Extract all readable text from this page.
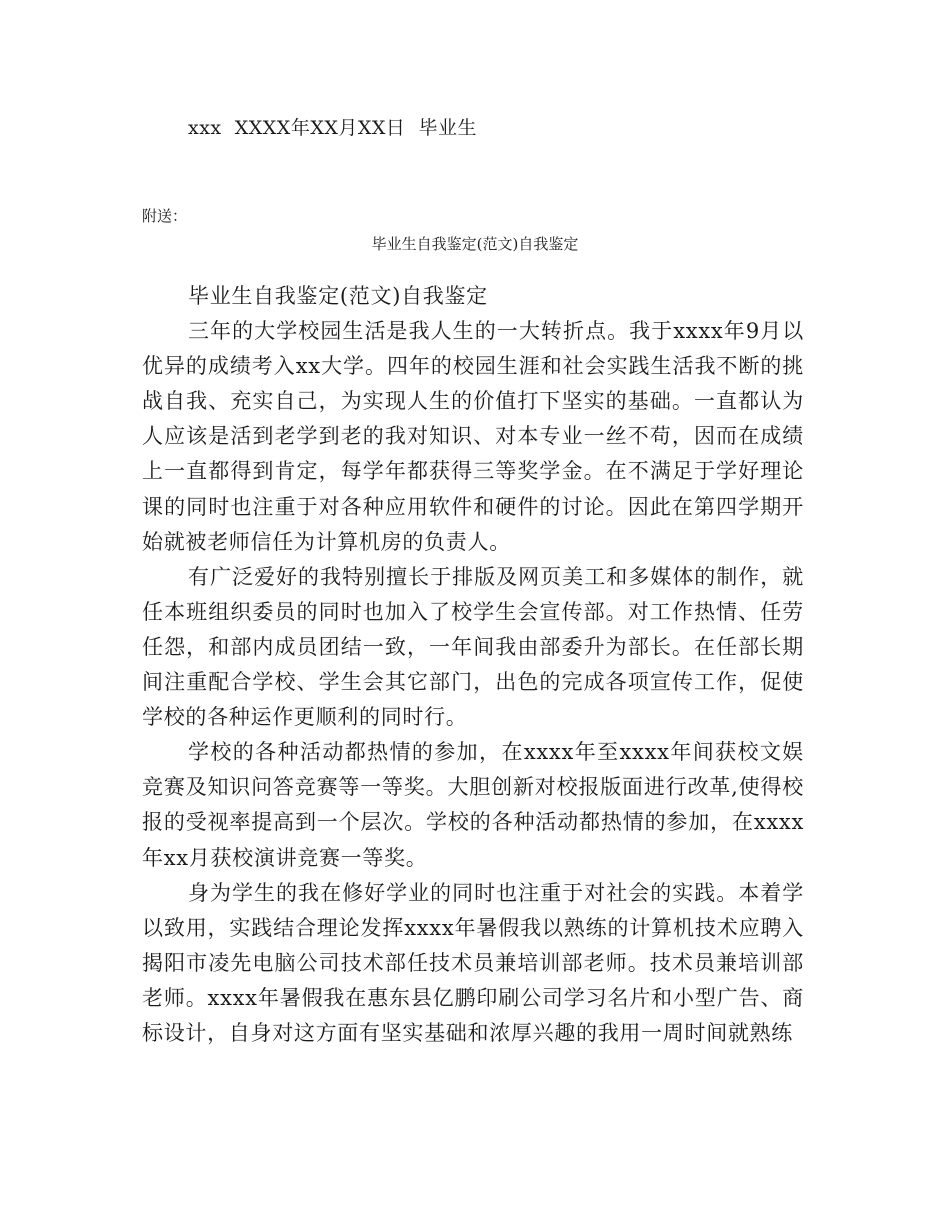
xxx  XXXX年XX月XX日  毕业生
附送：
毕业生自我鉴定(范文)自我鉴定

毕业生自我鉴定(范文)自我鉴定

三年的大学校园生活是我人生的一大转折点。我于xxxx年9月以优异的成绩考入xx大学。四年的校园生涯和社会实践生活我不断的挑战自我、充实自己，为实现人生的价值打下坚实的基础。一直都认为人应该是活到老学到老的我对知识、对本专业一丝不苟，因而在成绩上一直都得到肯定，每学年都获得三等奖学金。在不满足于学好理论课的同时也注重于对各种应用软件和硬件的讨论。因此在第四学期开始就被老师信任为计算机房的负责人。

有广泛爱好的我特别擅长于排版及网页美工和多媒体的制作，就任本班组织委员的同时也加入了校学生会宣传部。对工作热情、任劳任怨，和部内成员团结一致，一年间我由部委升为部长。在任部长期间注重配合学校、学生会其它部门，出色的完成各项宣传工作，促使学校的各种运作更顺利的同时行。

学校的各种活动都热情的参加，在xxxx年至xxxx年间获校文娱竞赛及知识问答竞赛等一等奖。大胆创新对校报版面进行改革,使得校报的受视率提高到一个层次。学校的各种活动都热情的参加，在xxxx年xx月获校演讲竞赛一等奖。

身为学生的我在修好学业的同时也注重于对社会的实践。本着学以致用，实践结合理论发挥xxxx年暑假我以熟练的计算机技术应聘入揭阳市凌先电脑公司技术部任技术员兼培训部老师。技术员兼培训部老师。xxxx年暑假我在惠东县亿鹏印刷公司学习名片和小型广告、商标设计，自身对这方面有坚实基础和浓厚兴趣的我用一周时间就熟练
